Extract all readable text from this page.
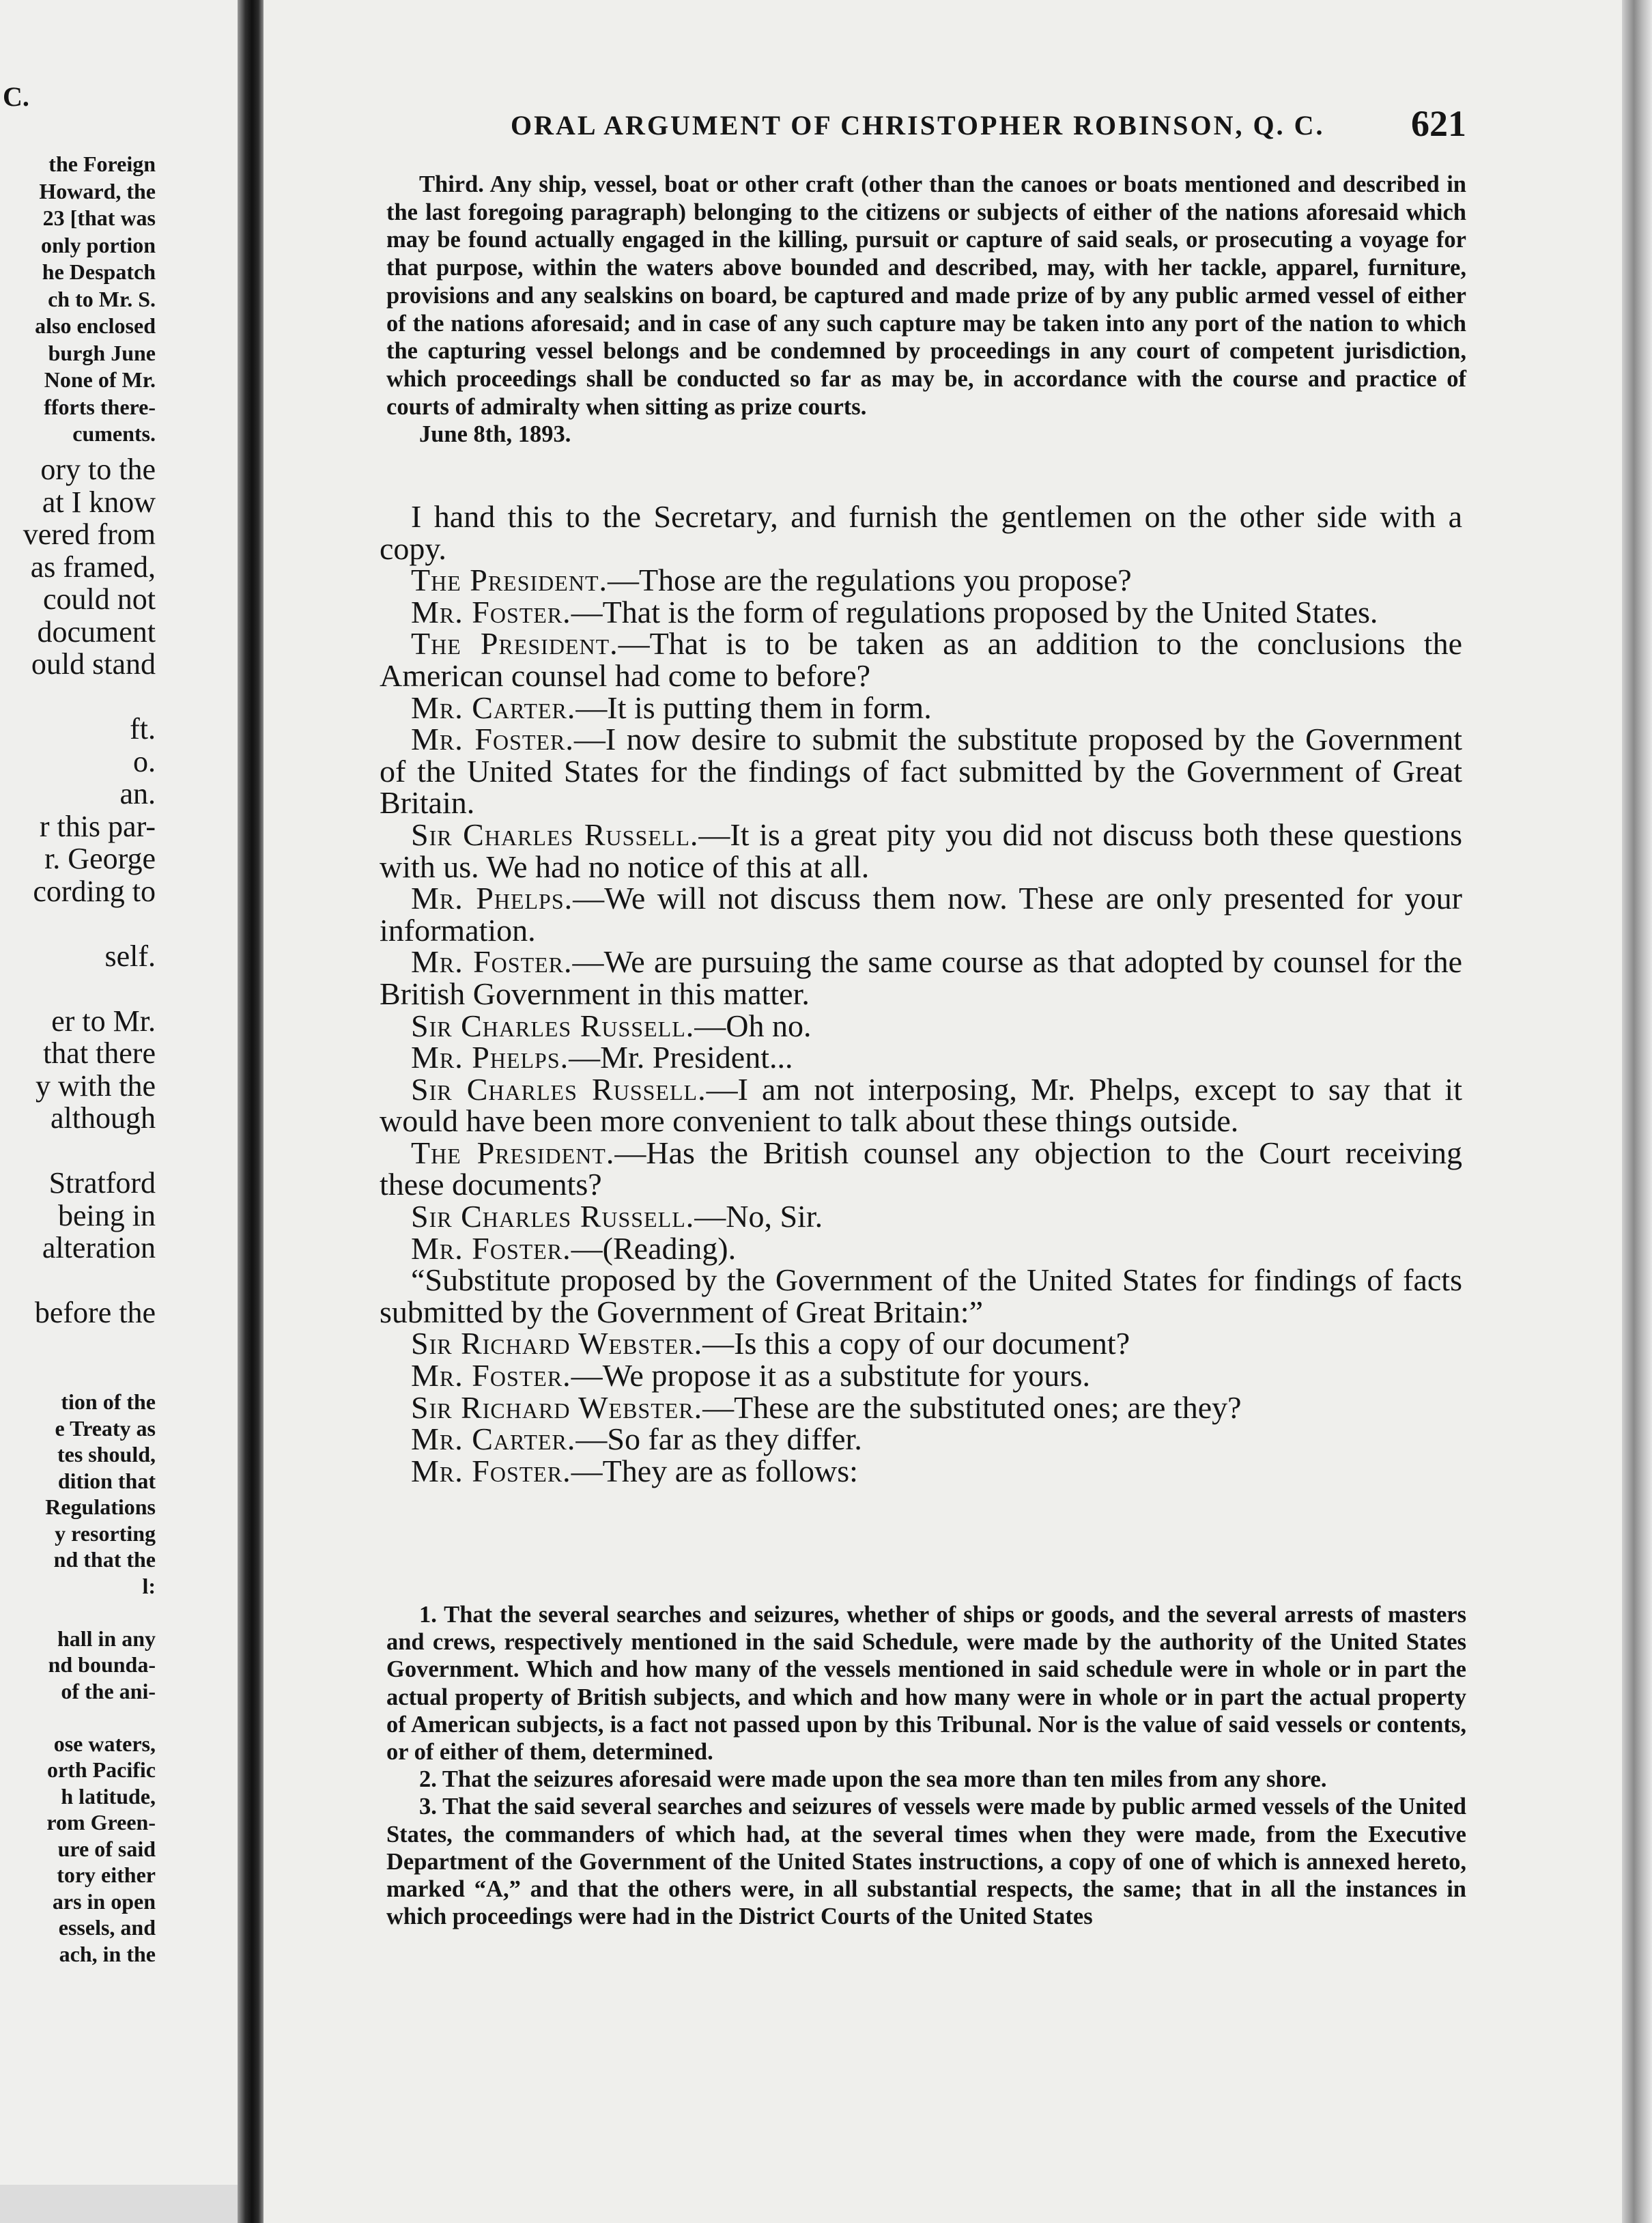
C.
the Foreign
Howard, the
23 [that was
only portion
he Despatch
ch to Mr. S.
also enclosed
burgh June
None of Mr.
fforts there-
cuments.
ory to the
at I know
vered from
as framed,
could not
document
ould stand
ft.
o.
an.
r this par-
r. George
cording to
self.
er to Mr.
that there
y with the
although
Stratford
being in
alteration
before the
tion of the
e Treaty as
tes should,
dition that
Regulations
y resorting
nd that the
l:
hall in any
nd bounda-
of the ani-
ose waters,
orth Pacific
h latitude,
rom Green-
ure of said
tory either
ars in open
essels, and
ach, in the
ORAL ARGUMENT OF CHRISTOPHER ROBINSON, Q. C. 621

Third. Any ship, vessel, boat or other craft (other than the canoes or boats mentioned and described in the last foregoing paragraph) belonging to the citizens or subjects of either of the nations aforesaid which may be found actually engaged in the killing, pursuit or capture of said seals, or prosecuting a voyage for that purpose, within the waters above bounded and described, may, with her tackle, apparel, furniture, provisions and any sealskins on board, be captured and made prize of by any public armed vessel of either of the nations aforesaid; and in case of any such capture may be taken into any port of the nation to which the capturing vessel belongs and be condemned by proceedings in any court of competent jurisdiction, which proceedings shall be conducted so far as may be, in accordance with the course and practice of courts of admiralty when sitting as prize courts.

June 8th, 1893.

I hand this to the Secretary, and furnish the gentlemen on the other side with a copy.

The President.—Those are the regulations you propose?

Mr. Foster.—That is the form of regulations proposed by the United States.

The President.—That is to be taken as an addition to the conclusions the American counsel had come to before?

Mr. Carter.—It is putting them in form.

Mr. Foster.—I now desire to submit the substitute proposed by the Government of the United States for the findings of fact submitted by the Government of Great Britain.

Sir Charles Russell.—It is a great pity you did not discuss both these questions with us. We had no notice of this at all.

Mr. Phelps.—We will not discuss them now. These are only presented for your information.

Mr. Foster.—We are pursuing the same course as that adopted by counsel for the British Government in this matter.

Sir Charles Russell.—Oh no.

Mr. Phelps.—Mr. President...

Sir Charles Russell.—I am not interposing, Mr. Phelps, except to say that it would have been more convenient to talk about these things outside.

The President.—Has the British counsel any objection to the Court receiving these documents?

Sir Charles Russell.—No, Sir.

Mr. Foster.—(Reading).

“Substitute proposed by the Government of the United States for findings of facts submitted by the Government of Great Britain:”

Sir Richard Webster.—Is this a copy of our document?

Mr. Foster.—We propose it as a substitute for yours.

Sir Richard Webster.—These are the substituted ones; are they?

Mr. Carter.—So far as they differ.

Mr. Foster.—They are as follows:

1. That the several searches and seizures, whether of ships or goods, and the several arrests of masters and crews, respectively mentioned in the said Schedule, were made by the authority of the United States Government. Which and how many of the vessels mentioned in said schedule were in whole or in part the actual property of British subjects, and which and how many were in whole or in part the actual property of American subjects, is a fact not passed upon by this Tribunal. Nor is the value of said vessels or contents, or of either of them, determined.

2. That the seizures aforesaid were made upon the sea more than ten miles from any shore.

3. That the said several searches and seizures of vessels were made by public armed vessels of the United States, the commanders of which had, at the several times when they were made, from the Executive Department of the Government of the United States instructions, a copy of one of which is annexed hereto, marked “A,” and that the others were, in all substantial respects, the same; that in all the instances in which proceedings were had in the District Courts of the United States
